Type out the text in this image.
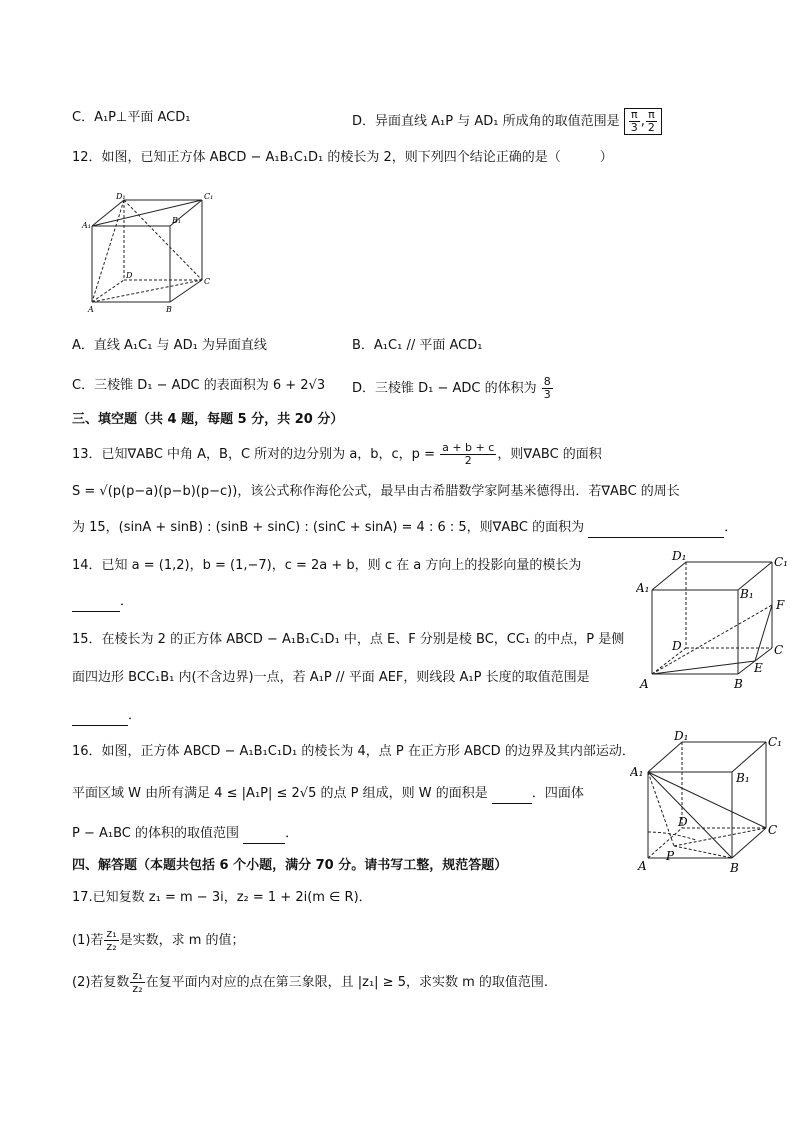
C．A₁P⊥平面 ACD₁	D．异面直线 A₁P 与 AD₁ 所成角的取值范围是 $\frac{\pi}{3}$ , $\frac{\pi}{2}$
12．如图，已知正方体 ABCD − A₁B₁C₁D₁ 的棱长为 2，则下列四个结论正确的是（　　　）
D₁	C₁
A₁
B₁
D
C
A	B
A．直线 A₁C₁ 与 AD₁ 为异面直线	B．A₁C₁ // 平面 ACD₁
C．三棱锥 D₁ − ADC 的表面积为 6 + 2√3 D．三棱锥 D₁ − ADC 的体积为 $\frac{8}{3}$
三、填空题（共 4 题，每题 5 分，共 20 分）
13．已知∇ABC 中角 A，B，C 所对的边分别为 a，b，c，$p = \frac{a + b + c}{2}$ ，则∇ABC 的面积
S = √(p(p−a)(p−b)(p−c))，该公式称作海伦公式，最早由古希腊数学家阿基米德得出．若∇ABC 的周长
为 15，(sinA + sinB) : (sinB + sinC) : (sinC + sinA) = 4 : 6 : 5，则∇ABC 的面积为	．
14．已知 a = (1,2)，b = (1,−7)，c = 2a + b，则 c 在 a 方向上的投影向量的模长为
．
D₁	C₁
A₁	B₁
F
D	C
E
A	B
15．在棱长为 2 的正方体 ABCD − A₁B₁C₁D₁ 中，点 E、F 分别是棱 BC，CC₁ 的中点，P 是侧
面四边形 BCC₁B₁ 内(不含边界)一点，若 A₁P // 平面 AEF，则线段 A₁P 长度的取值范围是
．
D₁	C₁
A₁	B₁
D
C
P
A	B
16．如图，正方体 ABCD − A₁B₁C₁D₁ 的棱长为 4，点 P 在正方形 ABCD 的边界及其内部运动．
平面区域 W 由所有满足 4 ≤ |A₁P| ≤ 2√5 的点 P 组成，则 W 的面积是	．四面体
P − A₁BC 的体积的取值范围	．
四、解答题（本题共包括 6 个小题，满分 70 分。请书写工整，规范答题）
17.已知复数 z₁ = m − 3i，z₂ = 1 + 2i(m ∈ R)．
(1)若 $\frac{\text{z₁}}{\text{z₂}}$ 是实数，求 m 的值；
(2)若复数 $\frac{\text{z₁}}{\text{z₂}}$ 在复平面内对应的点在第三象限，且 |z₁| ≥ 5，求实数 m 的取值范围.
